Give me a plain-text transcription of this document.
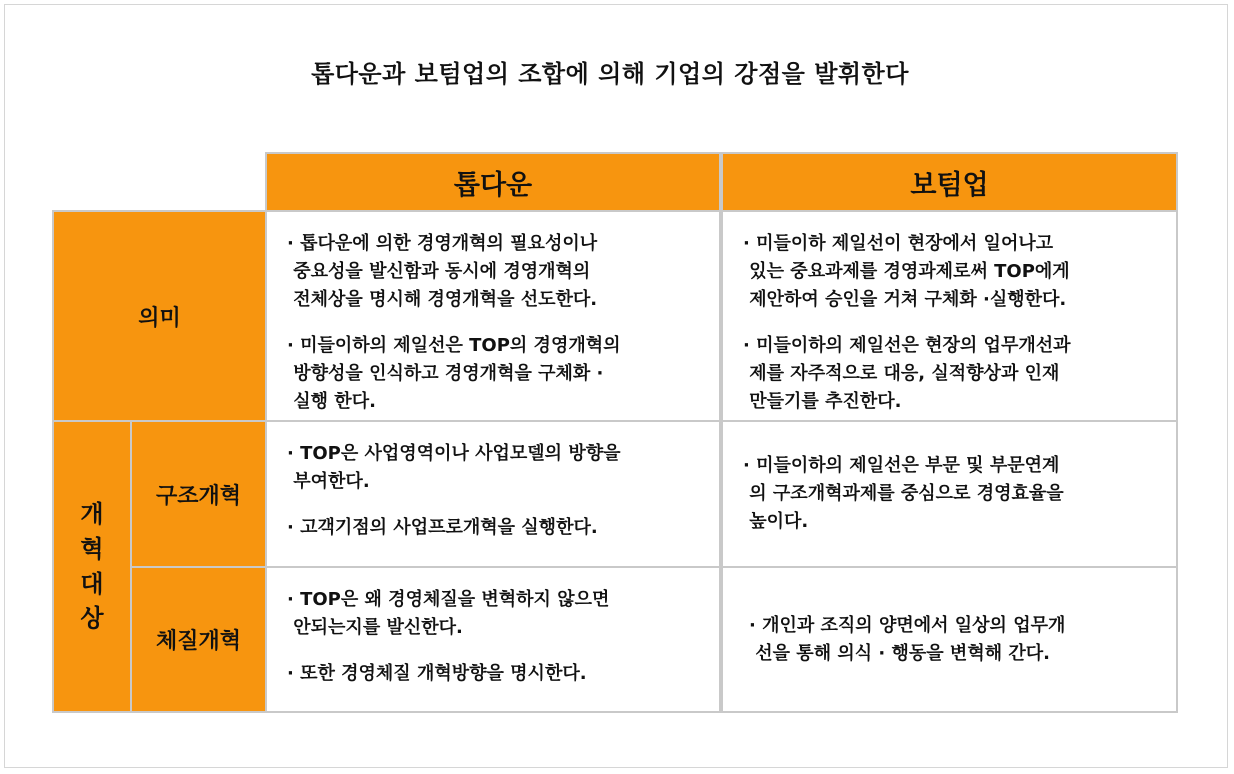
톱다운과 보텀업의 조합에 의해 기업의 강점을 발휘한다
톱다운	보텀업
의미

· 톱다운에 의한 경영개혁의 필요성이나
중요성을 발신함과 동시에 경영개혁의
전체상을 명시해 경영개혁을 선도한다.

· 미들이하의 제일선은 TOP의 경영개혁의
방향성을 인식하고 경영개혁을 구체화 ·
실행 한다.

· 미들이하 제일선이 현장에서 일어나고
있는 중요과제를 경영과제로써 TOP에게
제안하여 승인을 거쳐 구체화 ·실행한다.

· 미들이하의 제일선은 현장의 업무개선과
제를 자주적으로 대응, 실적향상과 인재
만들기를 추진한다.

개
혁
대
상
구조개혁

· TOP은 사업영역이나 사업모델의 방향을
부여한다.

· 고객기점의 사업프로개혁을 실행한다.

· 미들이하의 제일선은 부문 및 부문연계
의 구조개혁과제를 중심으로 경영효율을
높이다.

체질개혁

· TOP은 왜 경영체질을 변혁하지 않으면
안되는지를 발신한다.

· 또한 경영체질 개혁방향을 명시한다.

· 개인과 조직의 양면에서 일상의 업무개
선을 통해 의식 · 행동을 변혁해 간다.
